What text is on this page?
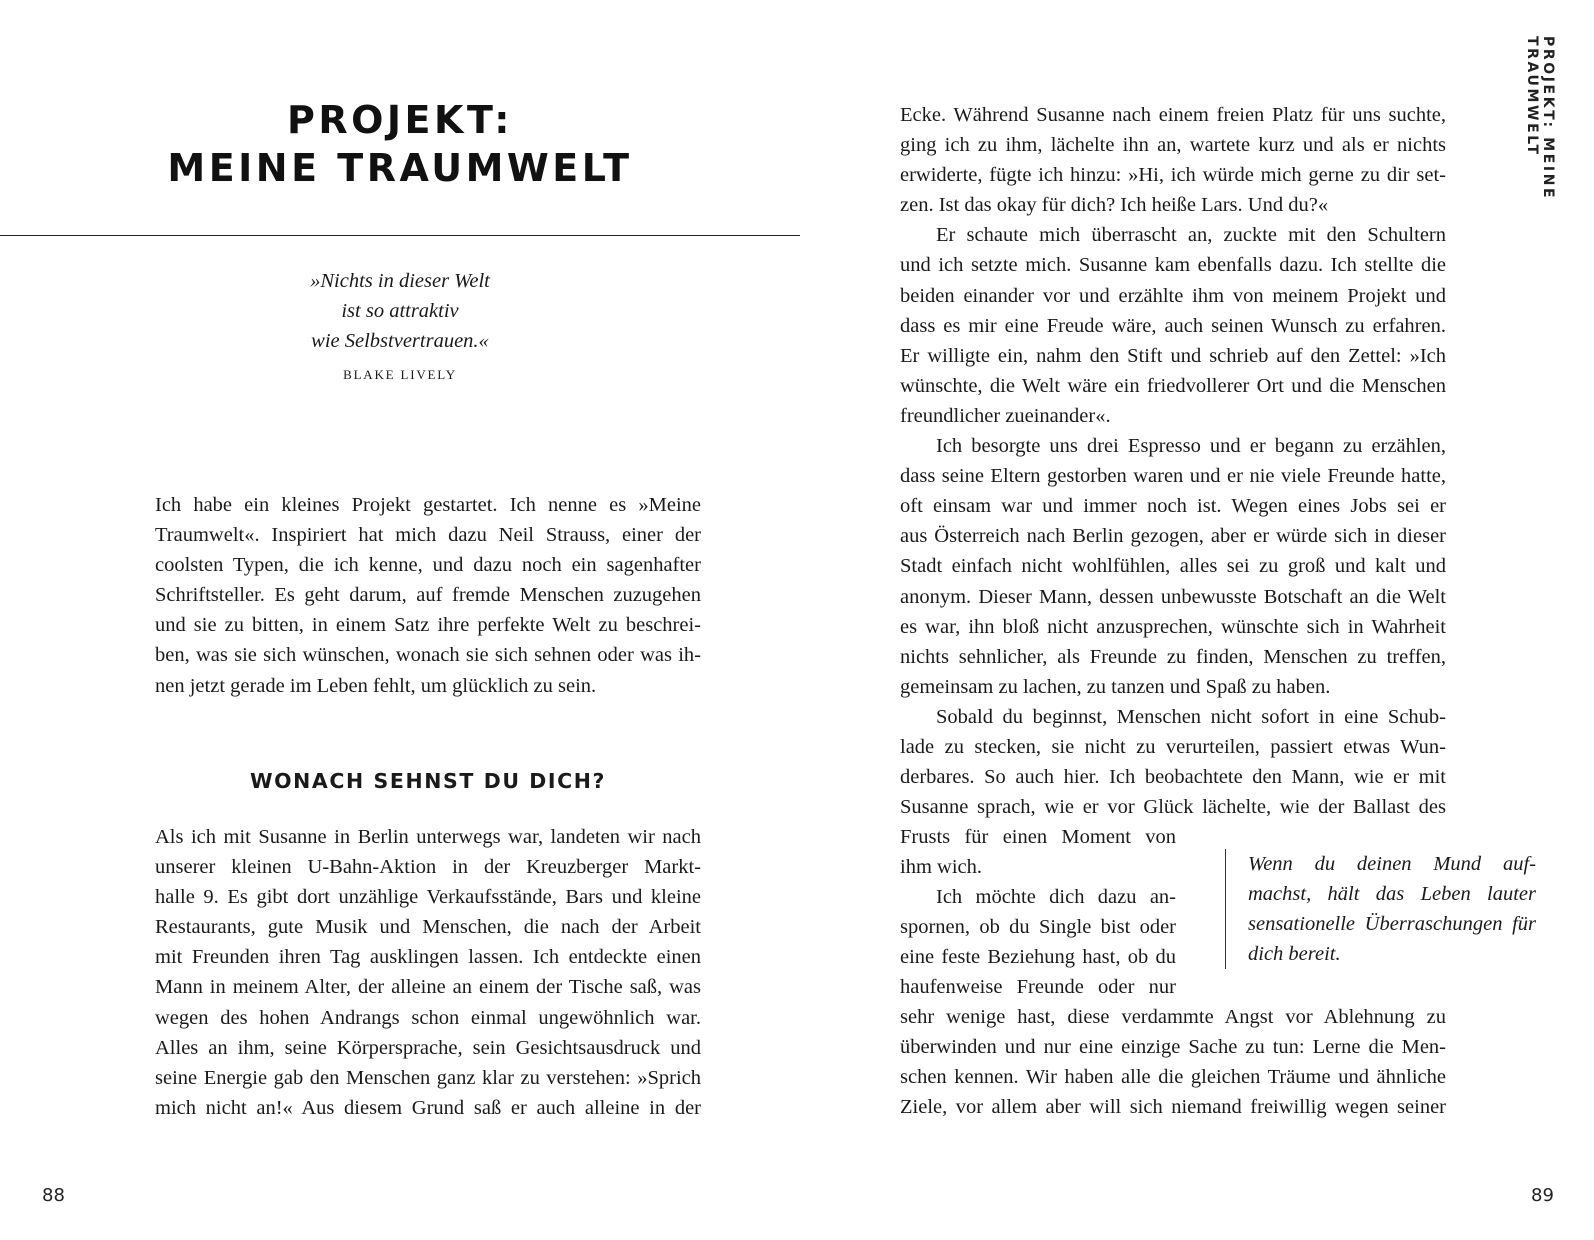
PROJEKT:
MEINE TRAUMWELT
»Nichts in dieser Welt
ist so attraktiv
wie Selbstvertrauen.«
BLAKE LIVELY
Ich habe ein kleines Projekt gestartet. Ich nenne es »Meine
Traumwelt«. Inspiriert hat mich dazu Neil Strauss, einer der
coolsten Typen, die ich kenne, und dazu noch ein sagenhafter
Schriftsteller. Es geht darum, auf fremde Menschen zuzugehen
und sie zu bitten, in einem Satz ihre perfekte Welt zu beschrei-
ben, was sie sich wünschen, wonach sie sich sehnen oder was ih-
nen jetzt gerade im Leben fehlt, um glücklich zu sein.
WONACH SEHNST DU DICH?
Als ich mit Susanne in Berlin unterwegs war, landeten wir nach
unserer kleinen U-Bahn-Aktion in der Kreuzberger Markt-
halle 9. Es gibt dort unzählige Verkaufsstände, Bars und kleine
Restaurants, gute Musik und Menschen, die nach der Arbeit
mit Freunden ihren Tag ausklingen lassen. Ich entdeckte einen
Mann in meinem Alter, der alleine an einem der Tische saß, was
wegen des hohen Andrangs schon einmal ungewöhnlich war.
Alles an ihm, seine Körpersprache, sein Gesichtsausdruck und
seine Energie gab den Menschen ganz klar zu verstehen: »Sprich
mich nicht an!« Aus diesem Grund saß er auch alleine in der
88
Ecke. Während Susanne nach einem freien Platz für uns suchte,
ging ich zu ihm, lächelte ihn an, wartete kurz und als er nichts
erwiderte, fügte ich hinzu: »Hi, ich würde mich gerne zu dir set-
zen. Ist das okay für dich? Ich heiße Lars. Und du?«
Er schaute mich überrascht an, zuckte mit den Schultern
und ich setzte mich. Susanne kam ebenfalls dazu. Ich stellte die
beiden einander vor und erzählte ihm von meinem Projekt und
dass es mir eine Freude wäre, auch seinen Wunsch zu erfahren.
Er willigte ein, nahm den Stift und schrieb auf den Zettel: »Ich
wünschte, die Welt wäre ein friedvollerer Ort und die Menschen
freundlicher zueinander«.
Ich besorgte uns drei Espresso und er begann zu erzählen,
dass seine Eltern gestorben waren und er nie viele Freunde hatte,
oft einsam war und immer noch ist. Wegen eines Jobs sei er
aus Österreich nach Berlin gezogen, aber er würde sich in dieser
Stadt einfach nicht wohlfühlen, alles sei zu groß und kalt und
anonym. Dieser Mann, dessen unbewusste Botschaft an die Welt
es war, ihn bloß nicht anzusprechen, wünschte sich in Wahrheit
nichts sehnlicher, als Freunde zu finden, Menschen zu treffen,
gemeinsam zu lachen, zu tanzen und Spaß zu haben.
Sobald du beginnst, Menschen nicht sofort in eine Schub-
lade zu stecken, sie nicht zu verurteilen, passiert etwas Wun-
derbares. So auch hier. Ich beobachtete den Mann, wie er mit
Susanne sprach, wie er vor Glück lächelte, wie der Ballast des
Frusts für einen Moment von
ihm wich.
Ich möchte dich dazu an-
spornen, ob du Single bist oder
eine feste Beziehung hast, ob du
haufenweise Freunde oder nur
Wenn du deinen Mund auf-
machst, hält das Leben lauter
sensationelle Überraschungen für
dich bereit.
sehr wenige hast, diese verdammte Angst vor Ablehnung zu
überwinden und nur eine einzige Sache zu tun: Lerne die Men-
schen kennen. Wir haben alle die gleichen Träume und ähnliche
Ziele, vor allem aber will sich niemand freiwillig wegen seiner
PROJEKT: MEINE TRAUMWELT
89
